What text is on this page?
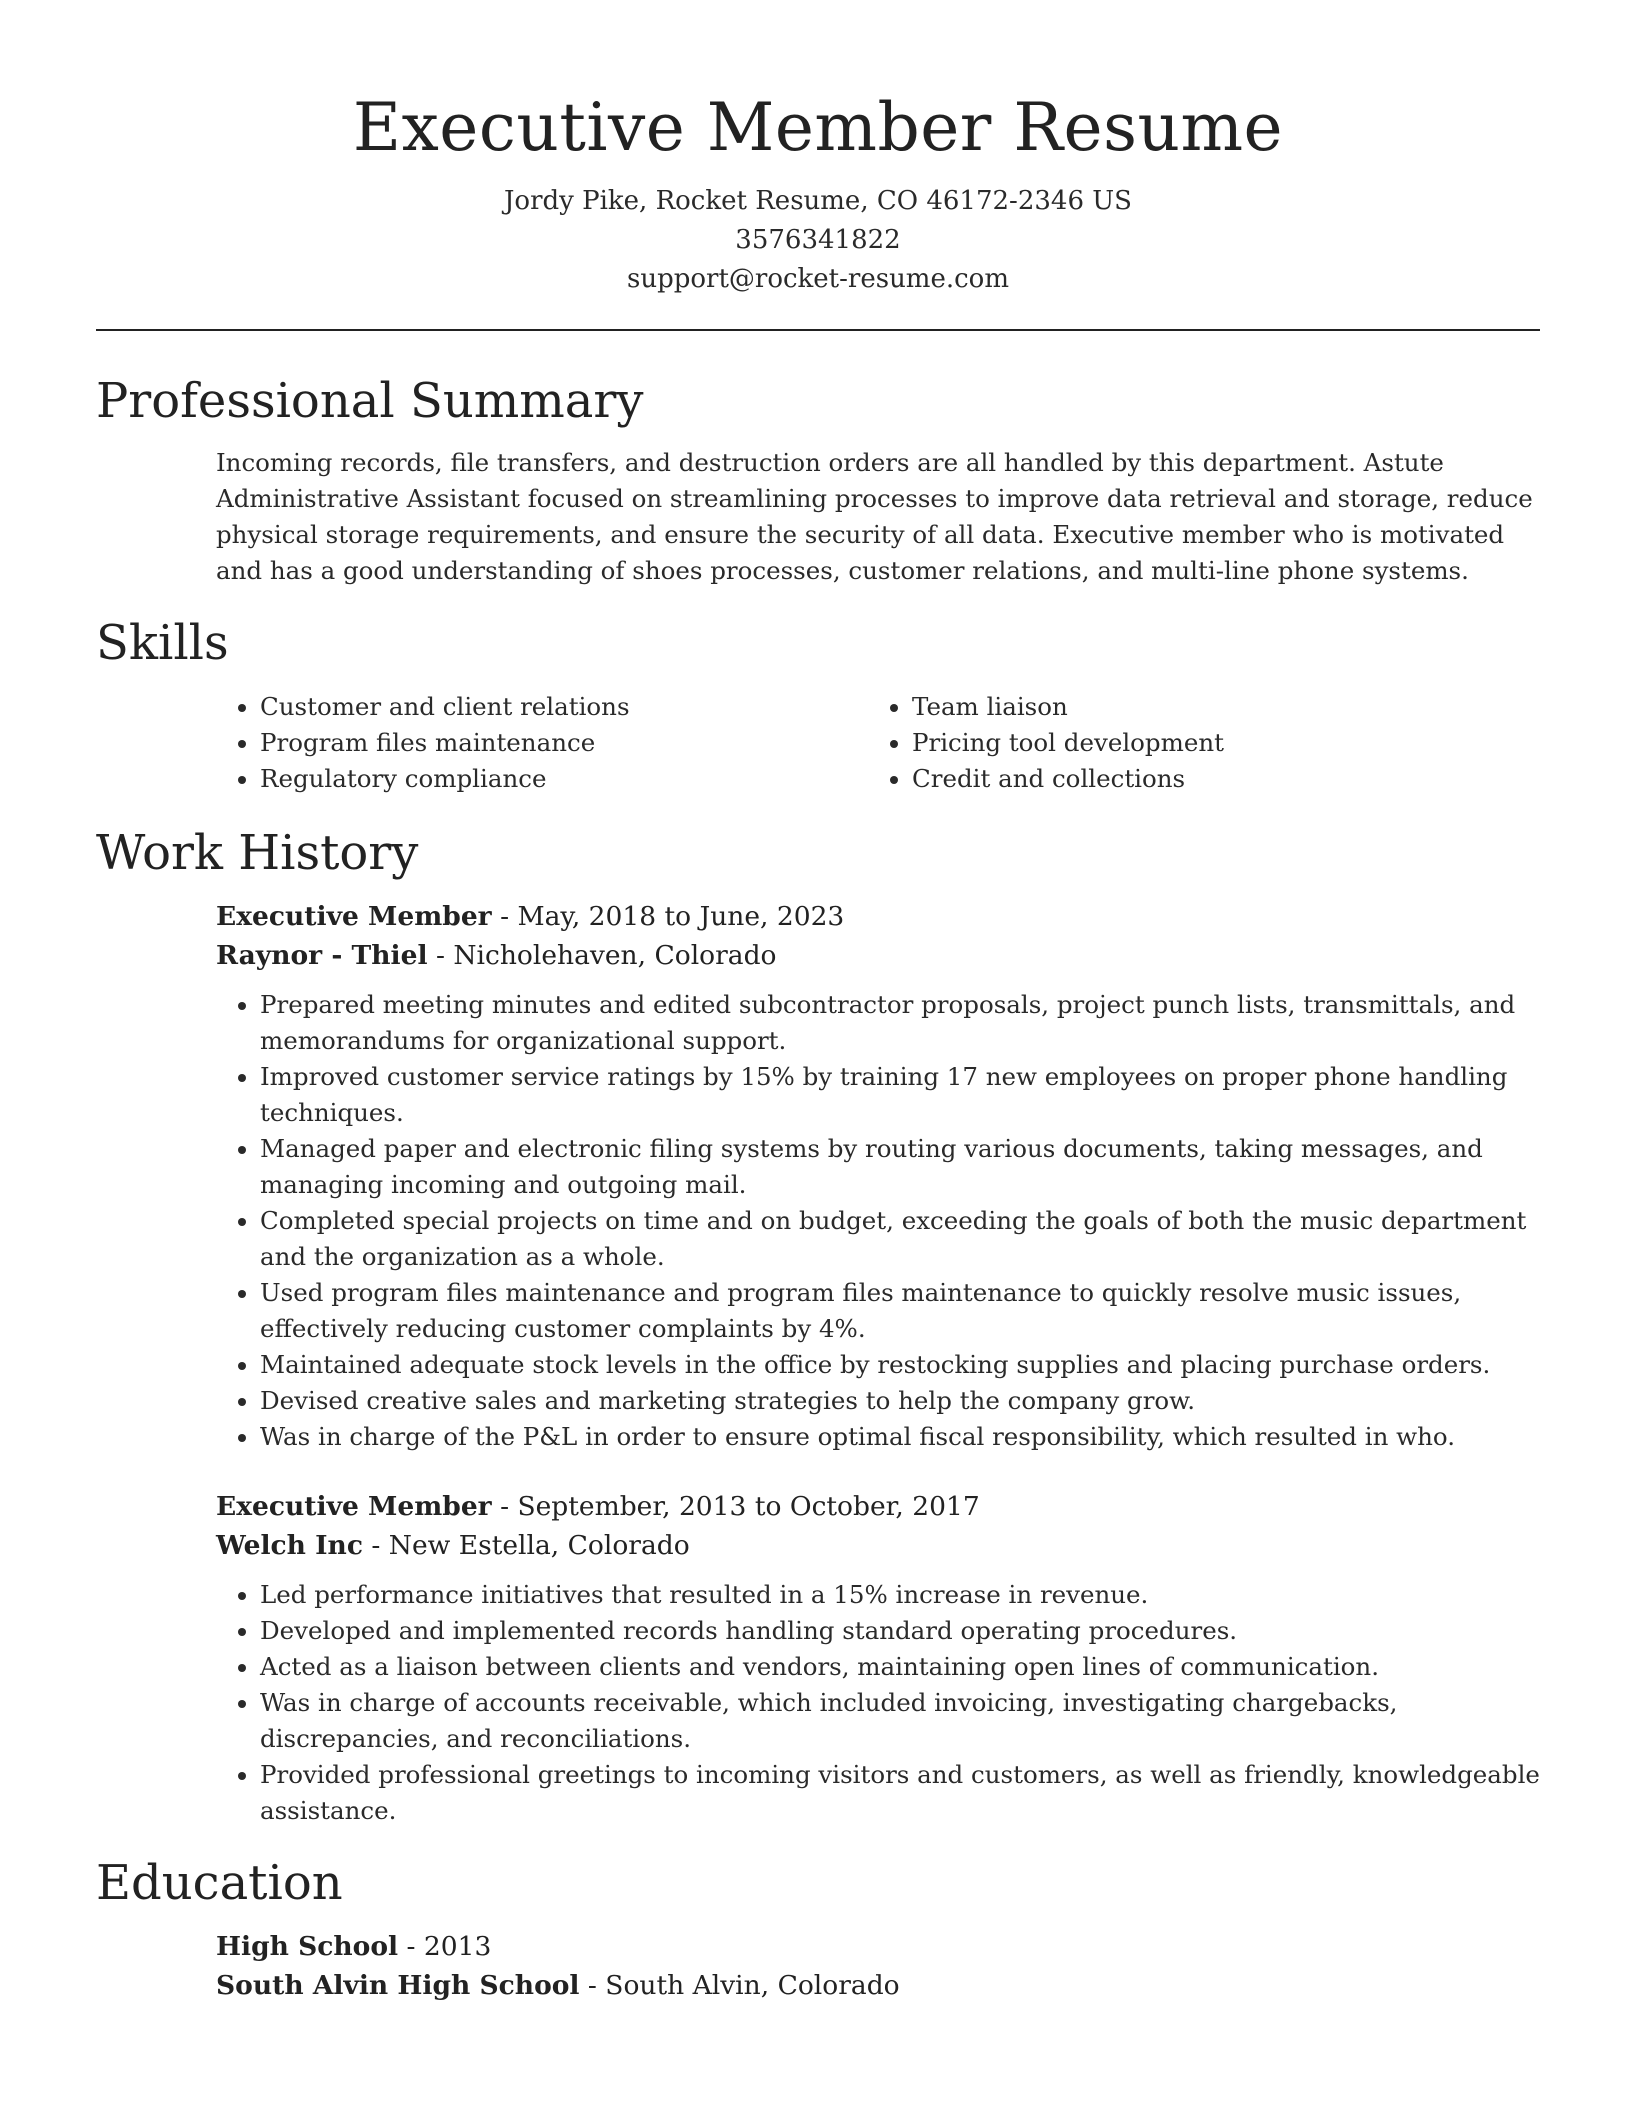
Executive Member Resume
Jordy Pike, Rocket Resume, CO 46172-2346 US
3576341822
support@rocket-resume.com
Professional Summary

Incoming records, file transfers, and destruction orders are all handled by this department. Astute Administrative Assistant focused on streamlining processes to improve data retrieval and storage, reduce physical storage requirements, and ensure the security of all data. Executive member who is motivated and has a good understanding of shoes processes, customer relations, and multi-line phone systems.

Skills
• Customer and client relations
• Program files maintenance
• Regulatory compliance
• Team liaison
• Pricing tool development
• Credit and collections
Work History

Executive Member - May, 2018 to June, 2023

Raynor - Thiel - Nicholehaven, Colorado

• Prepared meeting minutes and edited subcontractor proposals, project punch lists, transmittals, and memorandums for organizational support.
• Improved customer service ratings by 15% by training 17 new employees on proper phone handling techniques.
• Managed paper and electronic filing systems by routing various documents, taking messages, and managing incoming and outgoing mail.
• Completed special projects on time and on budget, exceeding the goals of both the music department and the organization as a whole.
• Used program files maintenance and program files maintenance to quickly resolve music issues, effectively reducing customer complaints by 4%.
• Maintained adequate stock levels in the office by restocking supplies and placing purchase orders.
• Devised creative sales and marketing strategies to help the company grow.
• Was in charge of the P&L in order to ensure optimal fiscal responsibility, which resulted in who.

Executive Member - September, 2013 to October, 2017

Welch Inc - New Estella, Colorado

• Led performance initiatives that resulted in a 15% increase in revenue.
• Developed and implemented records handling standard operating procedures.
• Acted as a liaison between clients and vendors, maintaining open lines of communication.
• Was in charge of accounts receivable, which included invoicing, investigating chargebacks, discrepancies, and reconciliations.
• Provided professional greetings to incoming visitors and customers, as well as friendly, knowledgeable assistance.
Education

High School - 2013

South Alvin High School - South Alvin, Colorado
